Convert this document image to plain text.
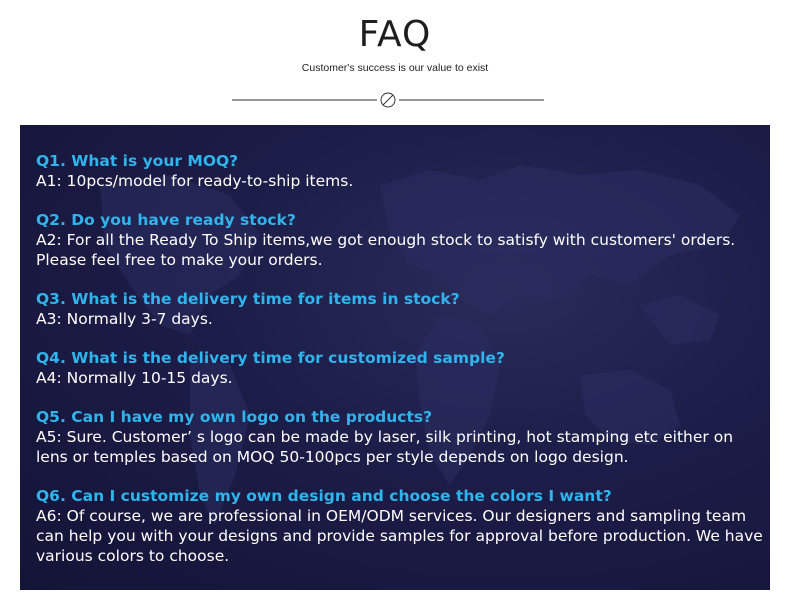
FAQ

Customer's success is our value to exist

Q1. What is your MOQ?

A1: 10pcs/model for ready-to-ship items.

Q2. Do you have ready stock?

A2: For all the Ready To Ship items,we got enough stock to satisfy with customers' orders. Please feel free to make your orders.

Q3. What is the delivery time for items in stock?

A3: Normally 3-7 days.

Q4. What is the delivery time for customized sample?

A4: Normally 10-15 days.

Q5. Can I have my own logo on the products?

A5: Sure. Customer’ s logo can be made by laser, silk printing, hot stamping etc either on lens or temples based on MOQ 50-100pcs per style depends on logo design.

Q6. Can I customize my own design and choose the colors I want?

A6: Of course, we are professional in OEM/ODM services. Our designers and sampling team can help you with your designs and provide samples for approval before production. We have various colors to choose.
